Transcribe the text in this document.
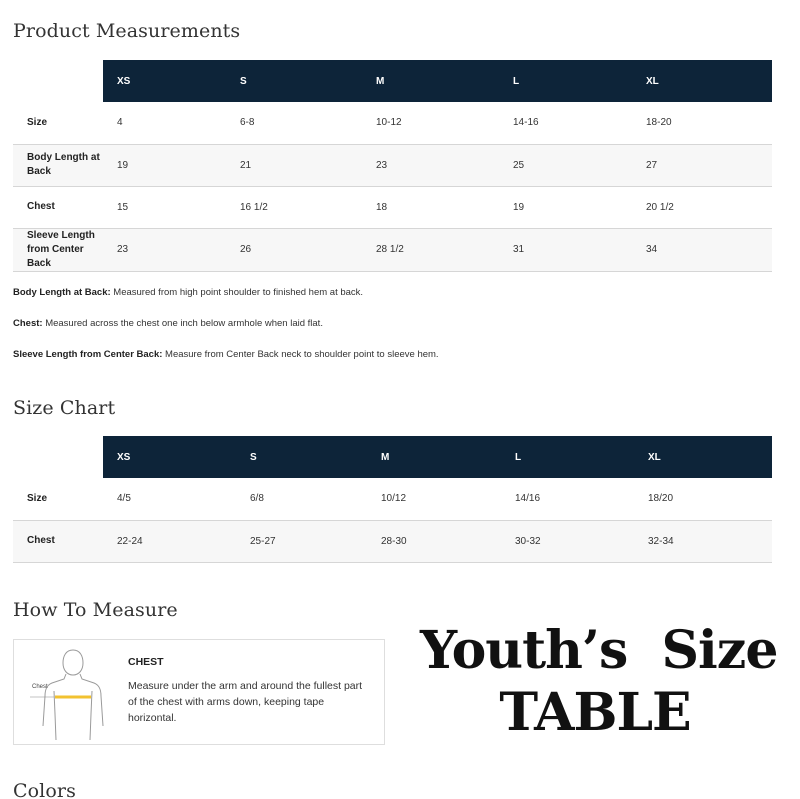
Product Measurements
	XS	S	M	L	XL
Size	4	6-8	10-12	14-16	18-20
Body Length at Back	19	21	23	25	27
Chest	15	16 1/2	18	19	20 1/2
Sleeve Length from Center Back	23	26	28 1/2	31	34
Body Length at Back: Measured from high point shoulder to finished hem at back.
Chest: Measured across the chest one inch below armhole when laid flat.
Sleeve Length from Center Back: Measure from Center Back neck to shoulder point to sleeve hem.
Size Chart
	XS	S	M	L	XL
Size	4/5	6/8	10/12	14/16	18/20
Chest	22-24	25-27	28-30	30-32	32-34
How To Measure
Chest
CHEST
Measure under the arm and around the fullest part of the chest with arms down, keeping tape horizontal.
Youth’s  Size
TABLE
Colors
